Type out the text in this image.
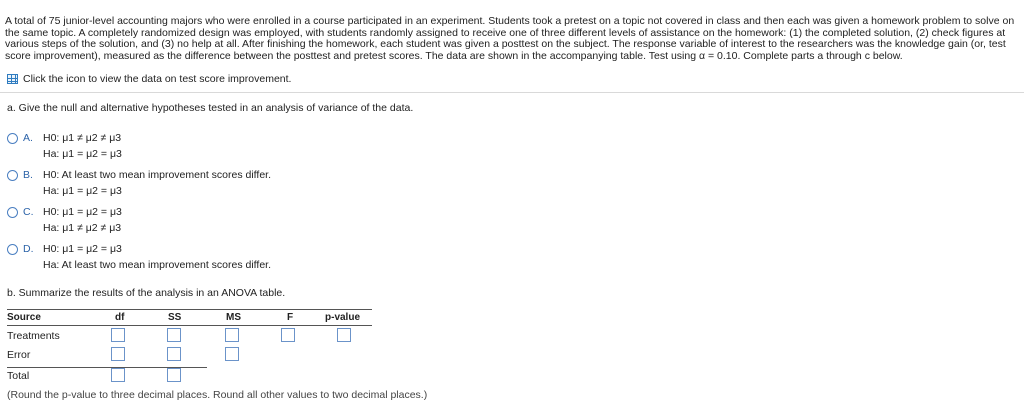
A total of 75 junior-level accounting majors who were enrolled in a course participated in an experiment. Students took a pretest on a topic not covered in class and then each was given a homework problem to solve on the same topic. A completely randomized design was employed, with students randomly assigned to receive one of three different levels of assistance on the homework: (1) the completed solution, (2) check figures at various steps of the solution, and (3) no help at all. After finishing the homework, each student was given a posttest on the subject. The response variable of interest to the researchers was the knowledge gain (or, test score improvement), measured as the difference between the posttest and pretest scores. The data are shown in the accompanying table. Test using α = 0.10. Complete parts a through c below.
Click the icon to view the data on test score improvement.
a. Give the null and alternative hypotheses tested in an analysis of variance of the data.
A. H0: μ1 ≠ μ2 ≠ μ3
Ha: μ1 = μ2 = μ3
B. H0: At least two mean improvement scores differ.
Ha: μ1 = μ2 = μ3
C. H0: μ1 = μ2 = μ3
Ha: μ1 ≠ μ2 ≠ μ3
D. H0: μ1 = μ2 = μ3
Ha: At least two mean improvement scores differ.
b. Summarize the results of the analysis in an ANOVA table.
Source	df	SS	MS	F	p-value
Treatments
Error
Total
(Round the p-value to three decimal places. Round all other values to two decimal places.)
